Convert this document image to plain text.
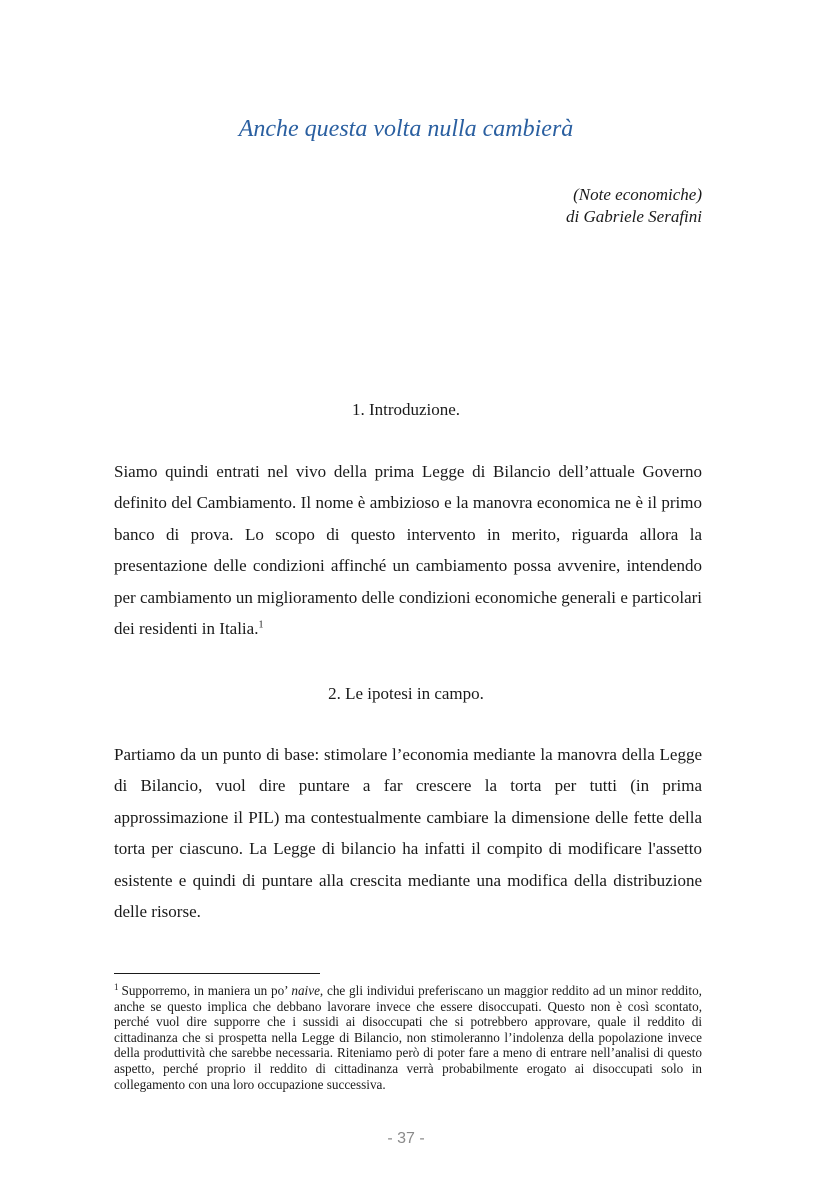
Anche questa volta nulla cambierà
(Note economiche)
di Gabriele Serafini
1. Introduzione.

Siamo quindi entrati nel vivo della prima Legge di Bilancio dell’attuale Governo definito del Cambiamento. Il nome è ambizioso e la manovra economica ne è il primo banco di prova. Lo scopo di questo intervento in merito, riguarda allora la presentazione delle condizioni affinché un cambiamento possa avvenire, intendendo per cambiamento un miglioramento delle condizioni economiche generali e particolari dei residenti in Italia.$^1$

2. Le ipotesi in campo.

Partiamo da un punto di base: stimolare l’economia mediante la manovra della Legge di Bilancio, vuol dire puntare a far crescere la torta per tutti (in prima approssimazione il PIL) ma contestualmente cambiare la dimensione delle fette della torta per ciascuno. La Legge di bilancio ha infatti il compito di modificare l'assetto esistente e quindi di puntare alla crescita mediante una modifica della distribuzione delle risorse.

$^1$ Supporremo, in maniera un po’ naive, che gli individui preferiscano un maggior reddito ad un minor reddito, anche se questo implica che debbano lavorare invece che essere disoccupati. Questo non è così scontato, perché vuol dire supporre che i sussidi ai disoccupati che si potrebbero approvare, quale il reddito di cittadinanza che si prospetta nella Legge di Bilancio, non stimoleranno l’indolenza della popolazione invece della produttività che sarebbe necessaria. Riteniamo però di poter fare a meno di entrare nell’analisi di questo aspetto, perché proprio il reddito di cittadinanza verrà probabilmente erogato ai disoccupati solo in collegamento con una loro occupazione successiva.

- 37 -
